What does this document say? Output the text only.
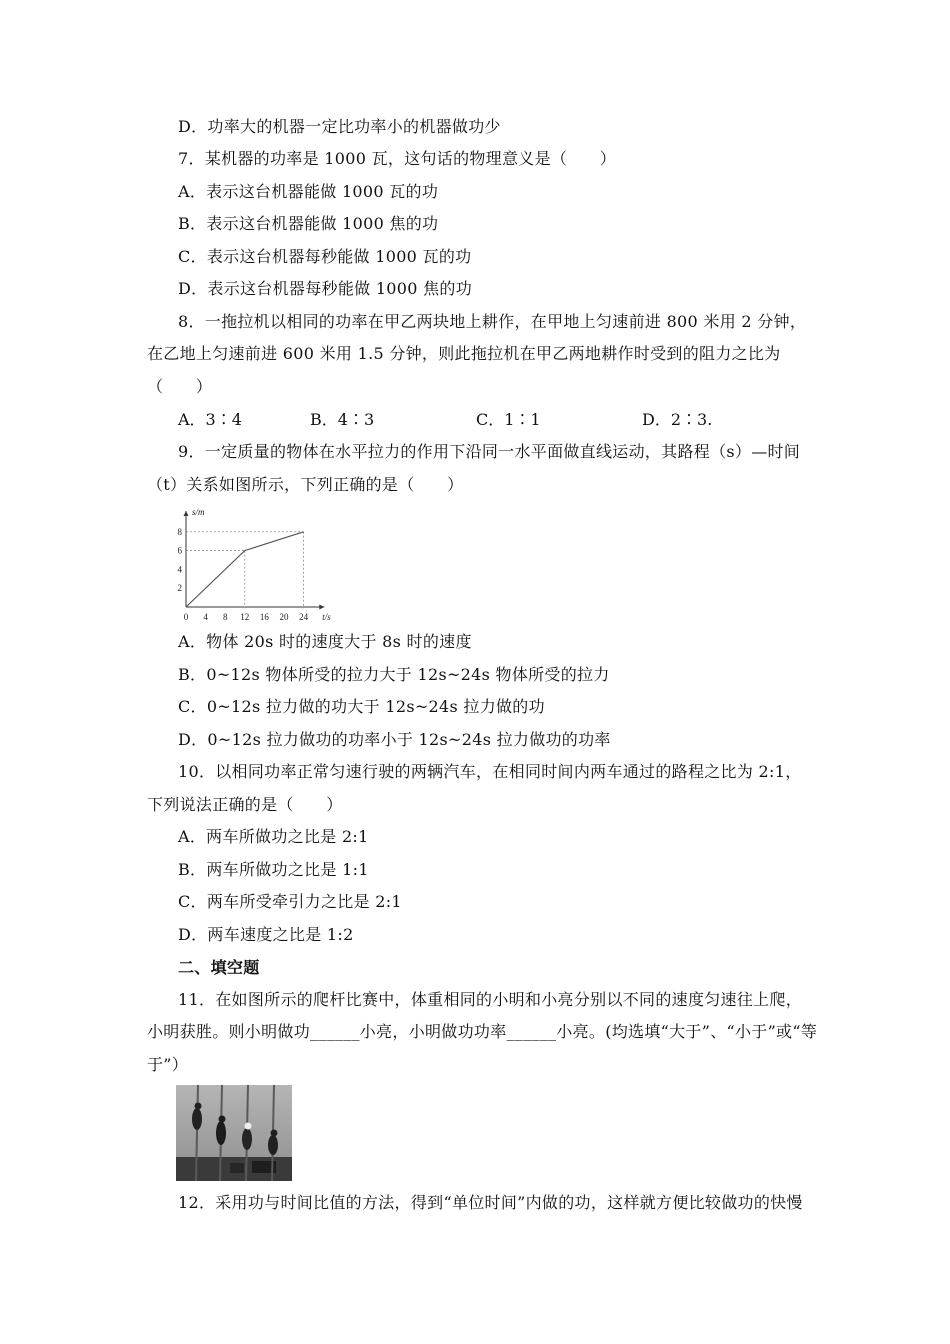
D．功率大的机器一定比功率小的机器做功少
7．某机器的功率是 1000 瓦，这句话的物理意义是（　　）
A．表示这台机器能做 1000 瓦的功
B．表示这台机器能做 1000 焦的功
C．表示这台机器每秒能做 1000 瓦的功
D．表示这台机器每秒能做 1000 焦的功
8．一拖拉机以相同的功率在甲乙两块地上耕作，在甲地上匀速前进 800 米用 2 分钟，
在乙地上匀速前进 600 米用 1.5 分钟，则此拖拉机在甲乙两地耕作时受到的阻力之比为
（　　）
A．3∶4	B．4∶3	C．1∶1	D．2∶3.
9．一定质量的物体在水平拉力的作用下沿同一水平面做直线运动，其路程（s）—时间
（t）关系如图所示，下列正确的是（　　）
0 4 8 12 16 20 24
2
4
6
8
s/m
t/s
A．物体 20s 时的速度大于 8s 时的速度
B．0~12s 物体所受的拉力大于 12s~24s 物体所受的拉力
C．0~12s 拉力做的功大于 12s~24s 拉力做的功
D．0~12s 拉力做功的功率小于 12s~24s 拉力做功的功率
10．以相同功率正常匀速行驶的两辆汽车，在相同时间内两车通过的路程之比为 2:1，
下列说法正确的是（　　）
A．两车所做功之比是 2:1
B．两车所做功之比是 1:1
C．两车所受牵引力之比是 2:1
D．两车速度之比是 1:2
二、填空题
11．在如图所示的爬杆比赛中，体重相同的小明和小亮分别以不同的速度匀速往上爬，
小明获胜。则小明做功______小亮，小明做功功率______小亮。(均选填“大于”、“小于”或“等
于”）
12．采用功与时间比值的方法，得到“单位时间”内做的功，这样就方便比较做功的快慢
